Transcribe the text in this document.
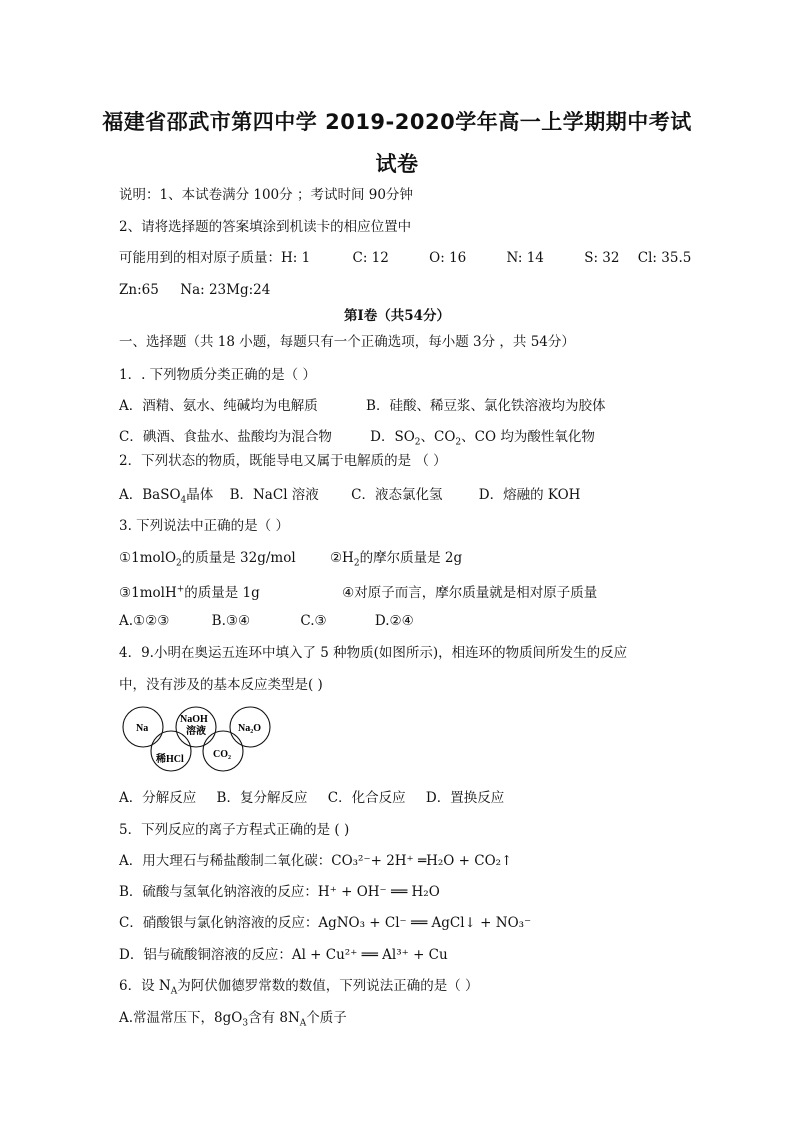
福建省邵武市第四中学 2019-2020学年高一上学期期中考试
试卷
说明：1、本试卷满分 100分 ；考试时间 90分钟
2、请将选择题的答案填涂到机读卡的相应位置中
可能用到的相对原子质量：H: 1	C: 12	O: 16	N: 14	S: 32 Cl: 35.5
Zn:65     Na: 23Mg:24
第Ⅰ卷（共54分）
一、选择题（共 18 小题，每题只有一个正确选项，每小题 3分 ，共 54分）
1．. 下列物质分类正确的是（ ）
A．酒精、氨水、纯碱均为电解质	B．硅酸、稀豆浆、氯化铁溶液均为胶体
C．碘酒、食盐水、盐酸均为混合物	D．$SO_2$、$CO_2$、CO 均为酸性氧化物
2．下列状态的物质，既能导电又属于电解质的是 （ ）
A．BaSO$_4$晶体 B．NaCl 溶液 C．液态氯化氢	D．熔融的 KOH
3. 下列说法中正确的是（ ）
①1molO$_2$的质量是 32g/mol	$②H_2$的摩尔质量是 2g
③1molH+的质量是 1g	④对原子而言，摩尔质量就是相对原子质量
A.①②③	B.③④	C.③	D.②④
4．9.小明在奥运五连环中填入了 5 种物质(如图所示)，相连环的物质间所发生的反应
中，没有涉及的基本反应类型是( )
Na
NaOH
溶液	Na₂O
稀HCl	CO₂
A．分解反应 B．复分解反应 C．化合反应 D．置换反应
5．下列反应的离子方程式正确的是 ( )
A．用大理石与稀盐酸制二氧化碳：CO₃²⁻+ 2H⁺ ═H₂O + CO₂↑
B．硫酸与氢氧化钠溶液的反应：H⁺ + OH⁻ ══ H₂O
C．硝酸银与氯化钠溶液的反应：AgNO₃ + Cl⁻ ══ AgCl↓ + NO₃⁻
D．铝与硫酸铜溶液的反应：Al + Cu²⁺ ══ Al³⁺ + Cu
6．设 $N_A$为阿伏伽德罗常数的数值，下列说法正确的是（ ）
A.常温常压下，$8gO_3$含有 $8N_A$个质子
